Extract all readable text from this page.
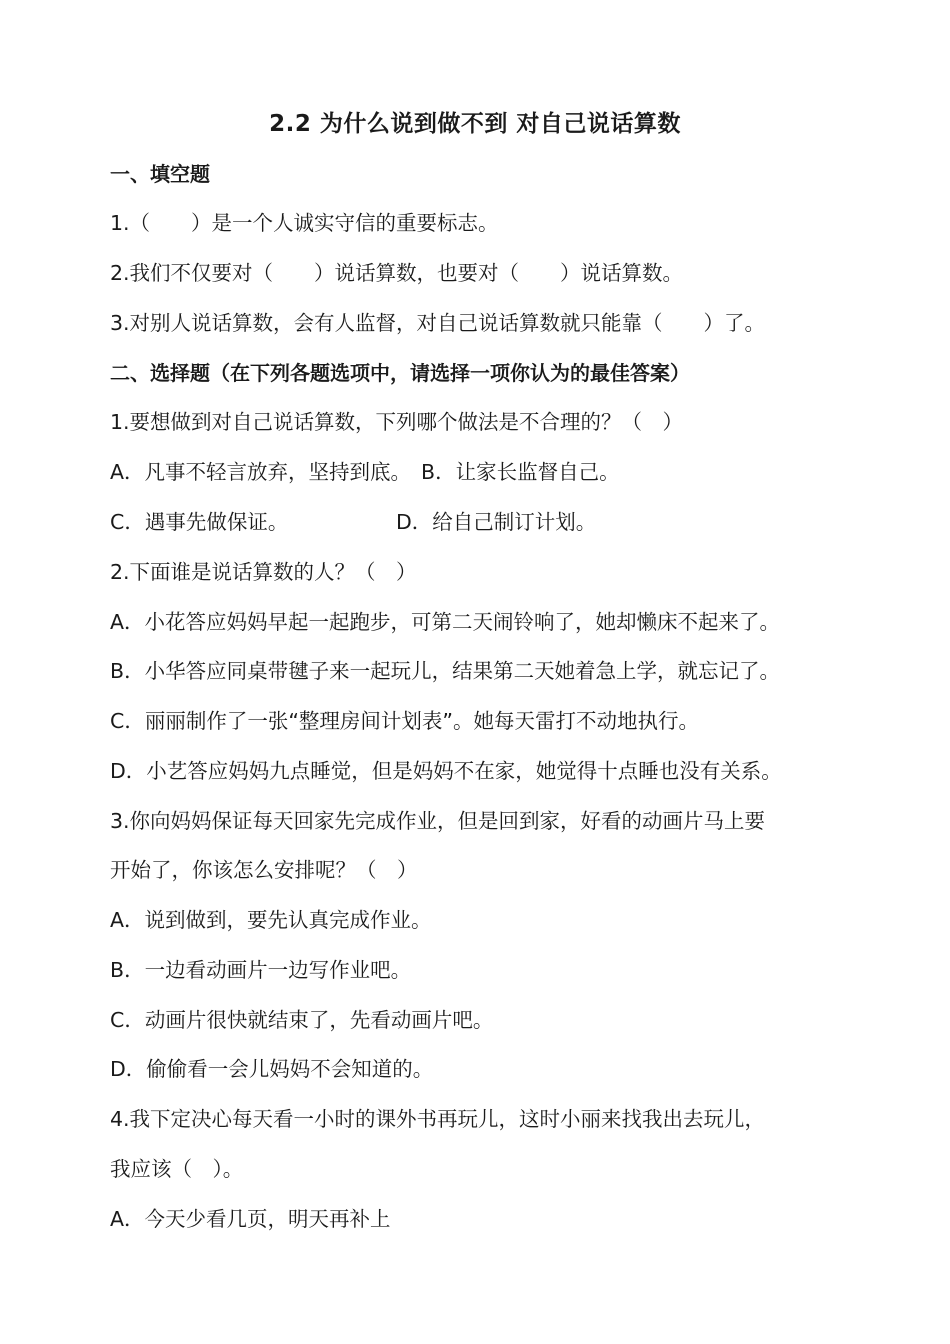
2.2 为什么说到做不到 对自己说话算数
一、填空题
1.（　　）是一个人诚实守信的重要标志。
2.我们不仅要对（　　）说话算数，也要对（　　）说话算数。
3.对别人说话算数，会有人监督，对自己说话算数就只能靠（　　）了。
二、选择题（在下列各题选项中，请选择一项你认为的最佳答案）
1.要想做到对自己说话算数，下列哪个做法是不合理的？（　）
A．凡事不轻言放弃，坚持到底。 B．让家长监督自己。
C．遇事先做保证。	D．给自己制订计划。
2.下面谁是说话算数的人？（　）
A．小花答应妈妈早起一起跑步，可第二天闹铃响了，她却懒床不起来了。
B．小华答应同桌带毽子来一起玩儿，结果第二天她着急上学，就忘记了。
C．丽丽制作了一张“整理房间计划表”。她每天雷打不动地执行。
D．小艺答应妈妈九点睡觉，但是妈妈不在家，她觉得十点睡也没有关系。
3.你向妈妈保证每天回家先完成作业，但是回到家，好看的动画片马上要
开始了，你该怎么安排呢？（　）
A．说到做到，要先认真完成作业。
B．一边看动画片一边写作业吧。
C．动画片很快就结束了，先看动画片吧。
D．偷偷看一会儿妈妈不会知道的。
4.我下定决心每天看一小时的课外书再玩儿，这时小丽来找我出去玩儿，
我应该（　）。
A．今天少看几页，明天再补上
